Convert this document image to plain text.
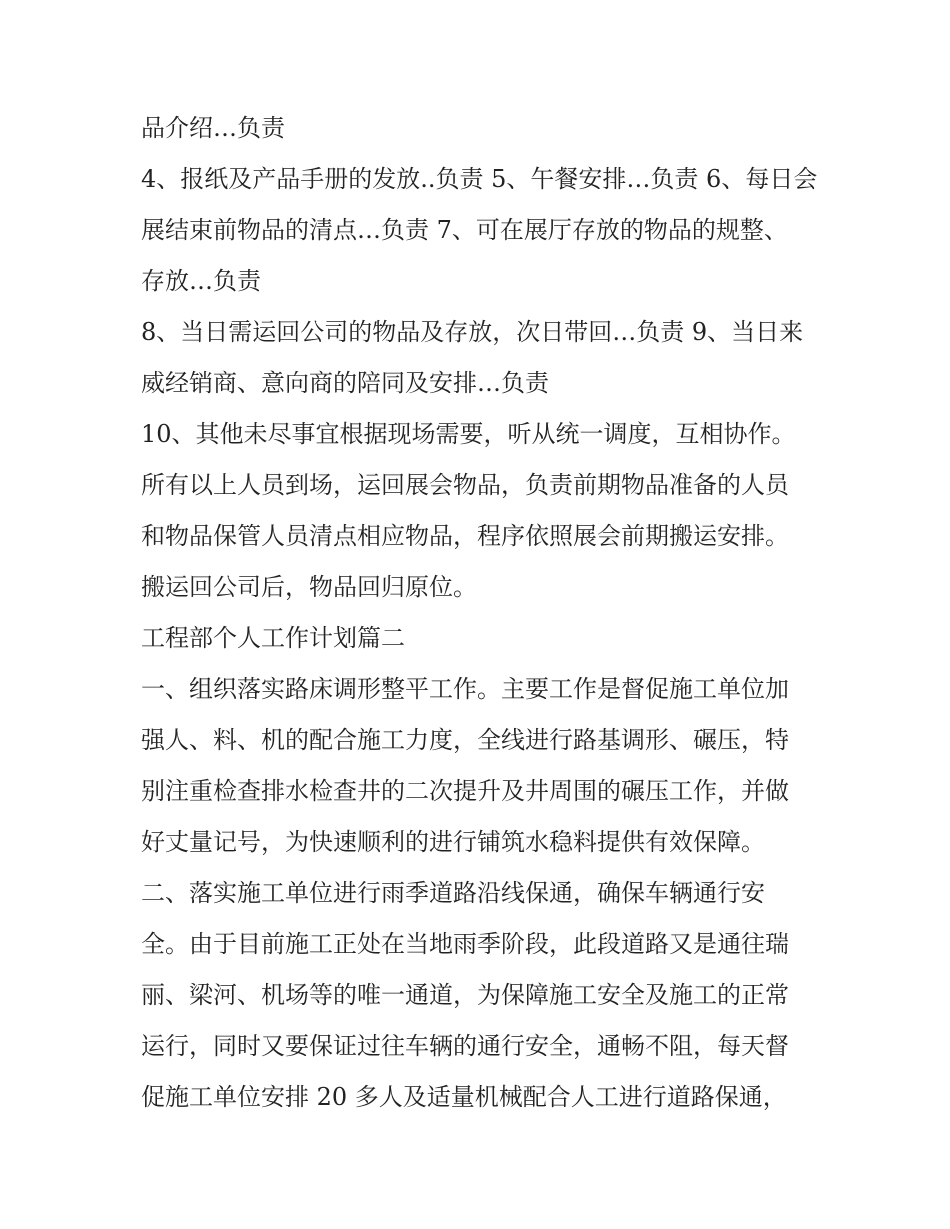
品介绍…负责
4、报纸及产品手册的发放..负责 5、午餐安排…负责 6、每日会
展结束前物品的清点…负责 7、可在展厅存放的物品的规整、
存放…负责
8、当日需运回公司的物品及存放，次日带回…负责 9、当日来
威经销商、意向商的陪同及安排…负责
10、其他未尽事宜根据现场需要，听从统一调度，互相协作。
所有以上人员到场，运回展会物品，负责前期物品准备的人员
和物品保管人员清点相应物品，程序依照展会前期搬运安排。
搬运回公司后，物品回归原位。
工程部个人工作计划篇二
一、组织落实路床调形整平工作。主要工作是督促施工单位加
强人、料、机的配合施工力度，全线进行路基调形、碾压，特
别注重检查排水检查井的二次提升及井周围的碾压工作，并做
好丈量记号，为快速顺利的进行铺筑水稳料提供有效保障。
二、落实施工单位进行雨季道路沿线保通，确保车辆通行安
全。由于目前施工正处在当地雨季阶段，此段道路又是通往瑞
丽、梁河、机场等的唯一通道，为保障施工安全及施工的正常
运行，同时又要保证过往车辆的通行安全，通畅不阻，每天督
促施工单位安排 20 多人及适量机械配合人工进行道路保通，
